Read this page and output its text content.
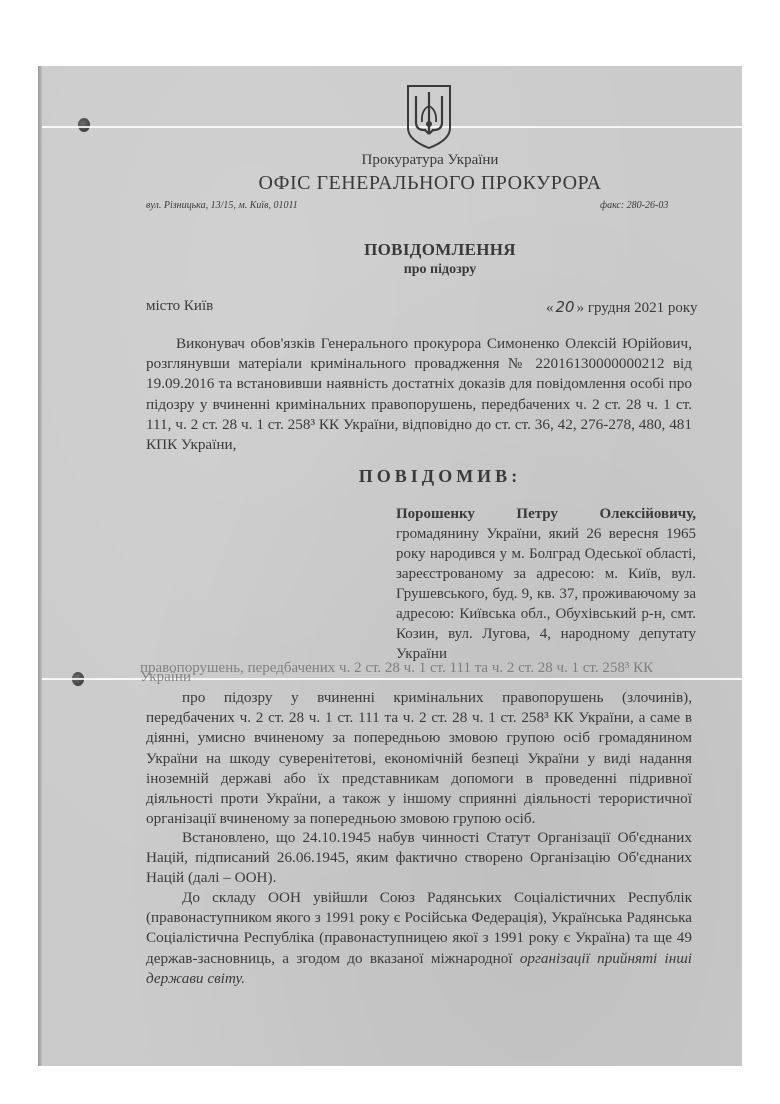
Прокуратура України
ОФІС ГЕНЕРАЛЬНОГО ПРОКУРОРА
вул. Різницька, 13/15, м. Київ, 01011	факс: 280-26-03
ПОВІДОМЛЕННЯ
про підозру
місто Київ	« 20 » грудня 2021 року
Виконувач обов'язків Генерального прокурора Симоненко Олексій Юрійович, розглянувши матеріали кримінального провадження № 22016130000000212 від 19.09.2016 та встановивши наявність достатніх доказів для повідомлення особі про підозру у вчиненні кримінальних правопорушень, передбачених ч. 2 ст. 28 ч. 1 ст. 111, ч. 2 ст. 28 ч. 1 ст. 258³ КК України, відповідно до ст. ст. 36, 42, 276-278, 480, 481 КПК України,
ПОВІДОМИВ:
Порошенку Петру Олексійовичу, громадянину України, який 26 вересня 1965 року народився у м. Болград Одеської області, зареєстрованому за адресою: м. Київ, вул. Грушевського, буд. 9, кв. 37, проживаючому за адресою: Київська обл., Обухівський р-н, смт. Козин, вул. Лугова, 4, народному депутату України
правопорушень, передбачених ч. 2 ст. 28 ч. 1 ст. 111 та ч. 2 ст. 28 ч. 1 ст. 258³ КК України
про підозру у вчиненні кримінальних правопорушень (злочинів), передбачених ч. 2 ст. 28 ч. 1 ст. 111 та ч. 2 ст. 28 ч. 1 ст. 258³ КК України, а саме в діянні, умисно вчиненому за попередньою змовою групою осіб громадянином України на шкоду суверенітетові, економічній безпеці України у виді надання іноземній державі або їх представникам допомоги в проведенні підривної діяльності проти України, а також у іншому сприянні діяльності терористичної організації вчиненому за попередньою змовою групою осіб.
Встановлено, що 24.10.1945 набув чинності Статут Організації Об'єднаних Націй, підписаний 26.06.1945, яким фактично створено Організацію Об'єднаних Націй (далі – ООН).
До складу ООН увійшли Союз Радянських Соціалістичних Республік (правонаступником якого з 1991 року є Російська Федерація), Українська Радянська Соціалістична Республіка (правонаступницею якої з 1991 року є Україна) та ще 49 держав-засновниць, а згодом до вказаної міжнародної організації прийняті інші держави світу.
